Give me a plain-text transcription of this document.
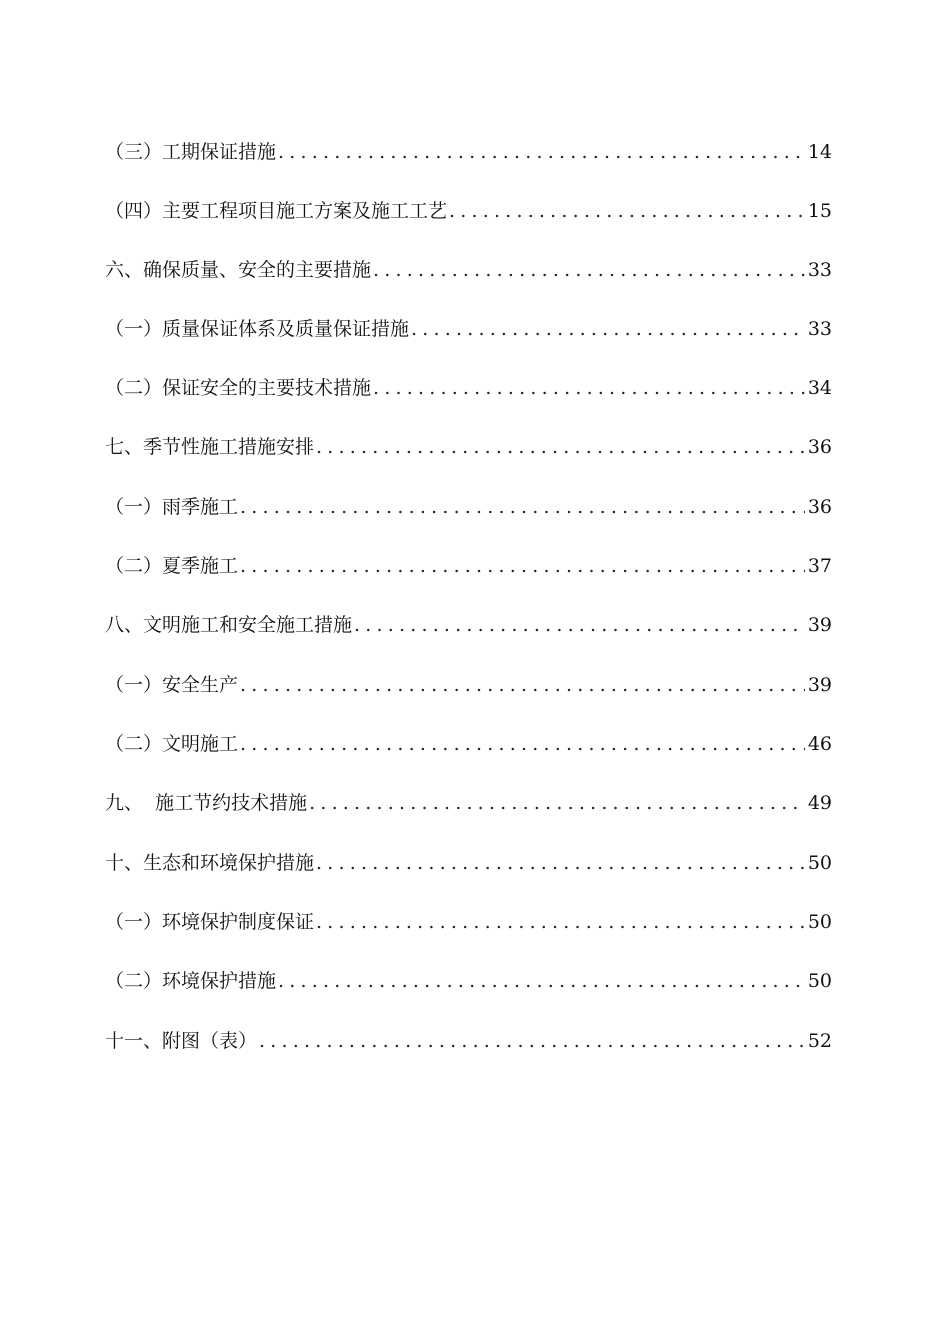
（三）工期保证措施 .....	14
（四）主要工程项目施工方案及施工工艺 .....	15
六、确保质量、安全的主要措施 .....	33
（一）质量保证体系及质量保证措施 .....	33
（二）保证安全的主要技术措施 .....	34
七、季节性施工措施安排 .....	36
（一）雨季施工 .....	36
（二）夏季施工 .....	37
八、文明施工和安全施工措施 .....	39
（一）安全生产 .....	39
（二）文明施工 .....	46
九、  施工节约技术措施 .....	49
十、生态和环境保护措施 .....	50
（一）环境保护制度保证 .....	50
（二）环境保护措施 .....	50
十一、附图（表） .....	52
